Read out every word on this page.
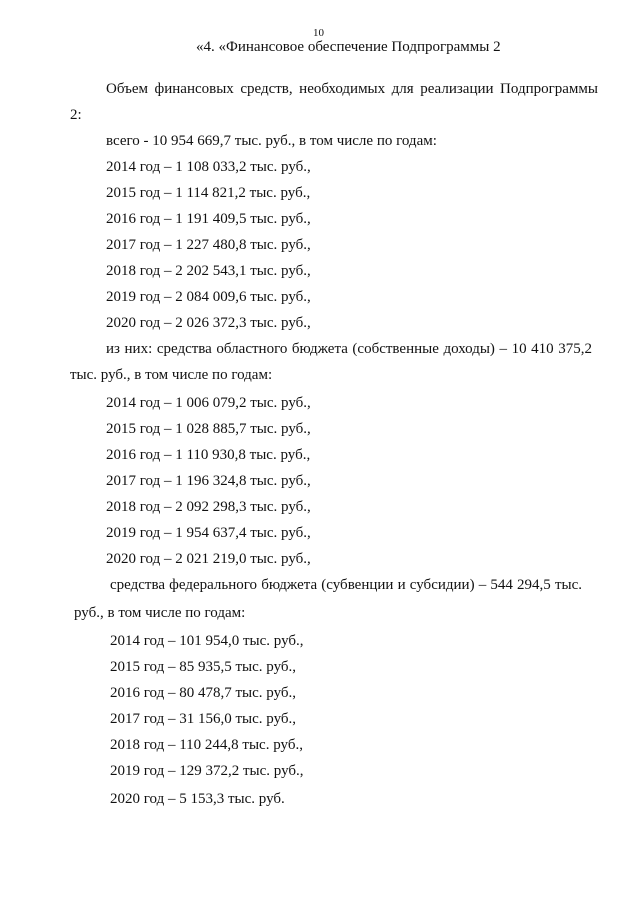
10
«4. «Финансовое обеспечение Подпрограммы 2
Объем финансовых средств, необходимых для реализации Подпрограммы
2:
всего - 10 954 669,7 тыс. руб., в том числе по годам:
2014 год – 1 108 033,2 тыс. руб.,
2015 год – 1 114 821,2 тыс. руб.,
2016 год – 1 191 409,5 тыс. руб.,
2017 год – 1 227 480,8 тыс. руб.,
2018 год – 2 202 543,1 тыс. руб.,
2019 год – 2 084 009,6 тыс. руб.,
2020 год – 2 026 372,3 тыс. руб.,
из них: средства областного бюджета (собственные доходы) – 10 410 375,2
тыс. руб., в том числе по годам:
2014 год – 1 006 079,2 тыс. руб.,
2015 год – 1 028 885,7 тыс. руб.,
2016 год – 1 110 930,8 тыс. руб.,
2017 год – 1 196 324,8 тыс. руб.,
2018 год – 2 092 298,3 тыс. руб.,
2019 год – 1 954 637,4 тыс. руб.,
2020 год – 2 021 219,0 тыс. руб.,
средства федерального бюджета (субвенции и субсидии) – 544 294,5 тыс.
руб., в том числе по годам:
2014 год – 101 954,0 тыс. руб.,
2015 год – 85 935,5 тыс. руб.,
2016 год – 80 478,7 тыс. руб.,
2017 год – 31 156,0 тыс. руб.,
2018 год – 110 244,8 тыс. руб.,
2019 год – 129 372,2 тыс. руб.,
2020 год – 5 153,3 тыс. руб.
